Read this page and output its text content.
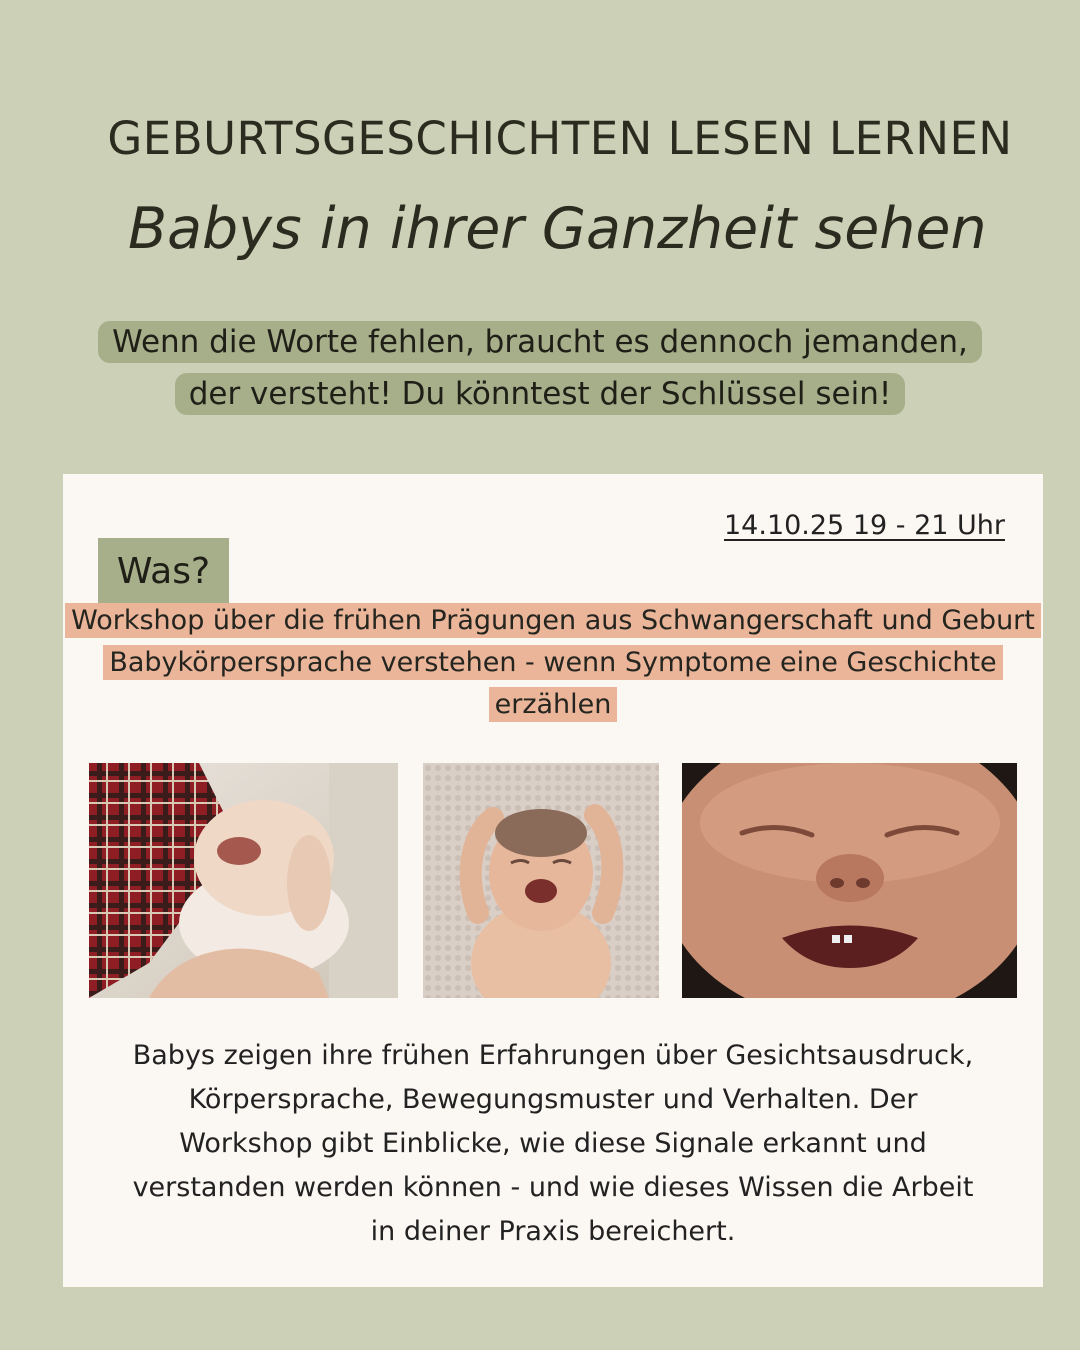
GEBURTSGESCHICHTEN LESEN LERNEN
Babys in ihrer Ganzheit sehen

Wenn die Worte fehlen, braucht es dennoch jemanden,
der versteht! Du könntest der Schlüssel sein!

14.10.25 19 - 21 Uhr
Was?

Workshop über die frühen Prägungen aus Schwangerschaft und Geburt
Babykörpersprache verstehen - wenn Symptome eine Geschichte erzählen

Babys zeigen ihre frühen Erfahrungen über Gesichtsausdruck, Körpersprache, Bewegungsmuster und Verhalten. Der Workshop gibt Einblicke, wie diese Signale erkannt und verstanden werden können - und wie dieses Wissen die Arbeit in deiner Praxis bereichert.
